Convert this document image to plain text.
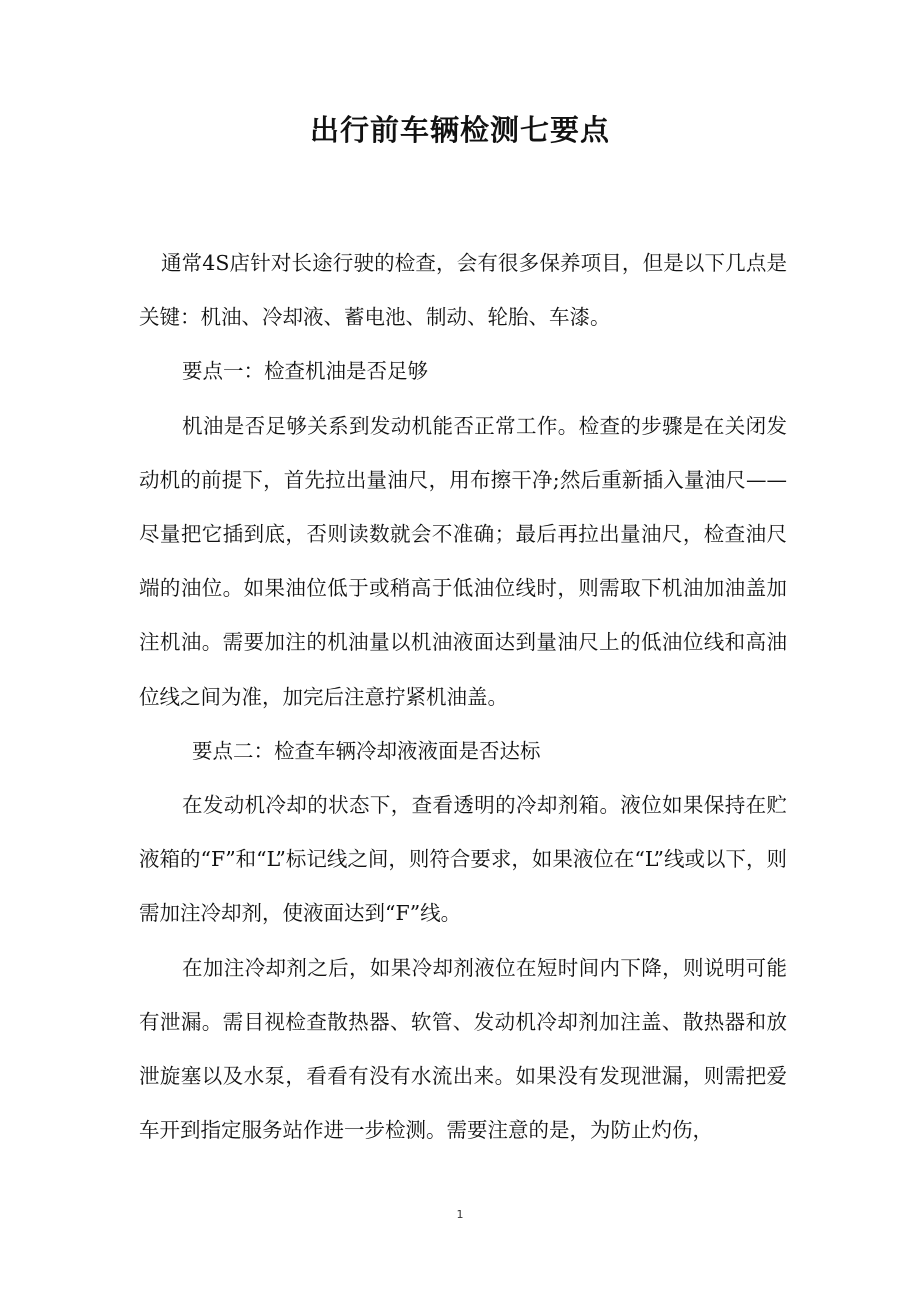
出行前车辆检测七要点

通常4S店针对长途行驶的检查，会有很多保养项目，但是以下几点是关键：机油、冷却液、蓄电池、制动、轮胎、车漆。

要点一：检查机油是否足够

机油是否足够关系到发动机能否正常工作。检查的步骤是在关闭发动机的前提下，首先拉出量油尺，用布擦干净;然后重新插入量油尺——尽量把它插到底，否则读数就会不准确；最后再拉出量油尺，检查油尺端的油位。如果油位低于或稍高于低油位线时，则需取下机油加油盖加注机油。需要加注的机油量以机油液面达到量油尺上的低油位线和高油位线之间为准，加完后注意拧紧机油盖。

要点二：检查车辆冷却液液面是否达标

在发动机冷却的状态下，查看透明的冷却剂箱。液位如果保持在贮液箱的“F”和“L”标记线之间，则符合要求，如果液位在“L”线或以下，则需加注冷却剂，使液面达到“F”线。

在加注冷却剂之后，如果冷却剂液位在短时间内下降，则说明可能有泄漏。需目视检查散热器、软管、发动机冷却剂加注盖、散热器和放泄旋塞以及水泵，看看有没有水流出来。如果没有发现泄漏，则需把爱车开到指定服务站作进一步检测。需要注意的是，为防止灼伤，

1
